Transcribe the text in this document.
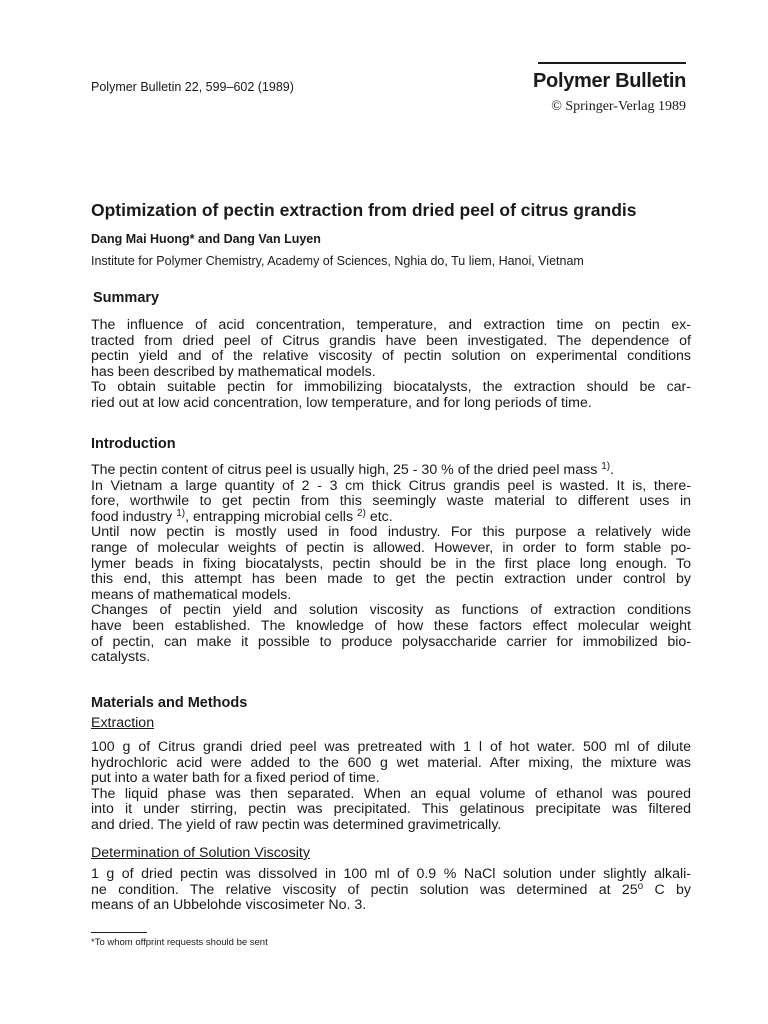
Polymer Bulletin 22, 599–602 (1989)	Polymer Bulletin
© Springer-Verlag 1989
Optimization of pectin extraction from dried peel of citrus grandis
Dang Mai Huong* and Dang Van Luyen
Institute for Polymer Chemistry, Academy of Sciences, Nghia do, Tu liem, Hanoi, Vietnam
Summary
The influence of acid concentration, temperature, and extraction time on pectin ex-
tracted from dried peel of Citrus grandis have been investigated. The dependence of
pectin yield and of the relative viscosity of pectin solution on experimental conditions
has been described by mathematical models.
To obtain suitable pectin for immobilizing biocatalysts, the extraction should be car-
ried out at low acid concentration, low temperature, and for long periods of time.
Introduction
The pectin content of citrus peel is usually high, 25 - 30 % of the dried peel mass $^{1)}$.
In Vietnam a large quantity of 2 - 3 cm thick Citrus grandis peel is wasted. It is, there-
fore, worthwile to get pectin from this seemingly waste material to different uses in
food industry $^{1)}$, entrapping microbial cells $^{2)}$ etc.
Until now pectin is mostly used in food industry. For this purpose a relatively wide
range of molecular weights of pectin is allowed. However, in order to form stable po-
lymer beads in fixing biocatalysts, pectin should be in the first place long enough. To
this end, this attempt has been made to get the pectin extraction under control by
means of mathematical models.
Changes of pectin yield and solution viscosity as functions of extraction conditions
have been established. The knowledge of how these factors effect molecular weight
of pectin, can make it possible to produce polysaccharide carrier for immobilized bio-
catalysts.
Materials and Methods
Extraction
100 g of Citrus grandi dried peel was pretreated with 1 l of hot water. 500 ml of dilute
hydrochloric acid were added to the 600 g wet material. After mixing, the mixture was
put into a water bath for a fixed period of time.
The liquid phase was then separated. When an equal volume of ethanol was poured
into it under stirring, pectin was precipitated. This gelatinous precipitate was filtered
and dried. The yield of raw pectin was determined gravimetrically.
Determination of Solution Viscosity
1 g of dried pectin was dissolved in 100 ml of 0.9 % NaCl solution under slightly alkali-
ne condition. The relative viscosity of pectin solution was determined at 25$^o$ C by
means of an Ubbelohde viscosimeter No. 3.
*To whom offprint requests should be sent
